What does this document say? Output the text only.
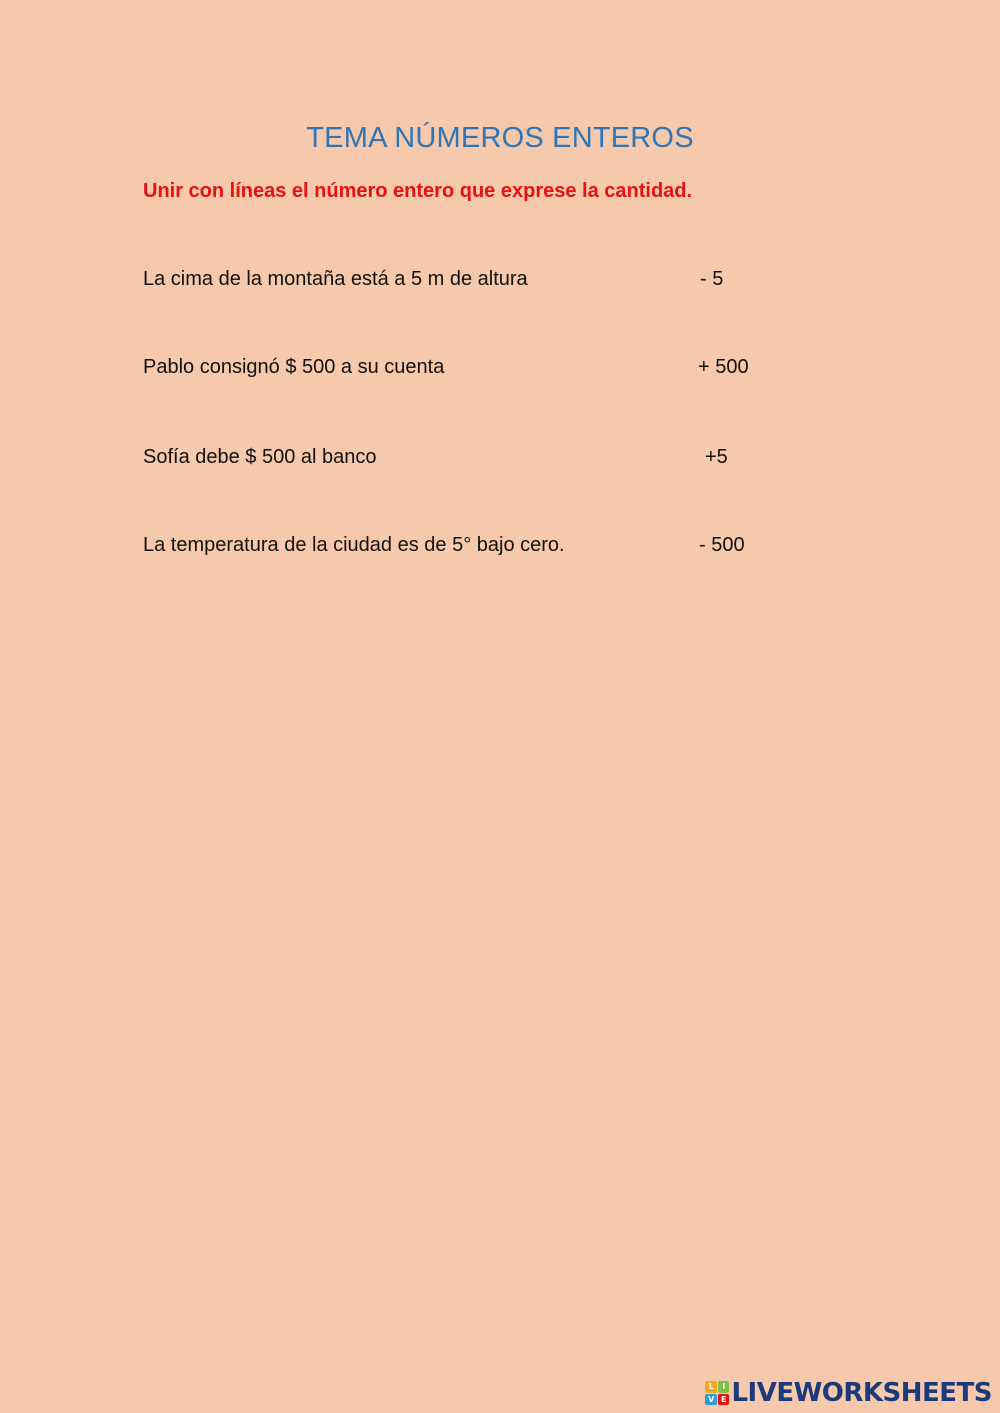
TEMA NÚMEROS ENTEROS
Unir con líneas el número entero que exprese la cantidad.
La cima de la montaña está a 5 m de altura	- 5
Pablo consignó $ 500 a su cuenta	+ 500
Sofía debe $ 500 al banco	+5
La temperatura de la ciudad es de 5° bajo cero.	- 500
L	I
V E LIVEWORKSHEETS
